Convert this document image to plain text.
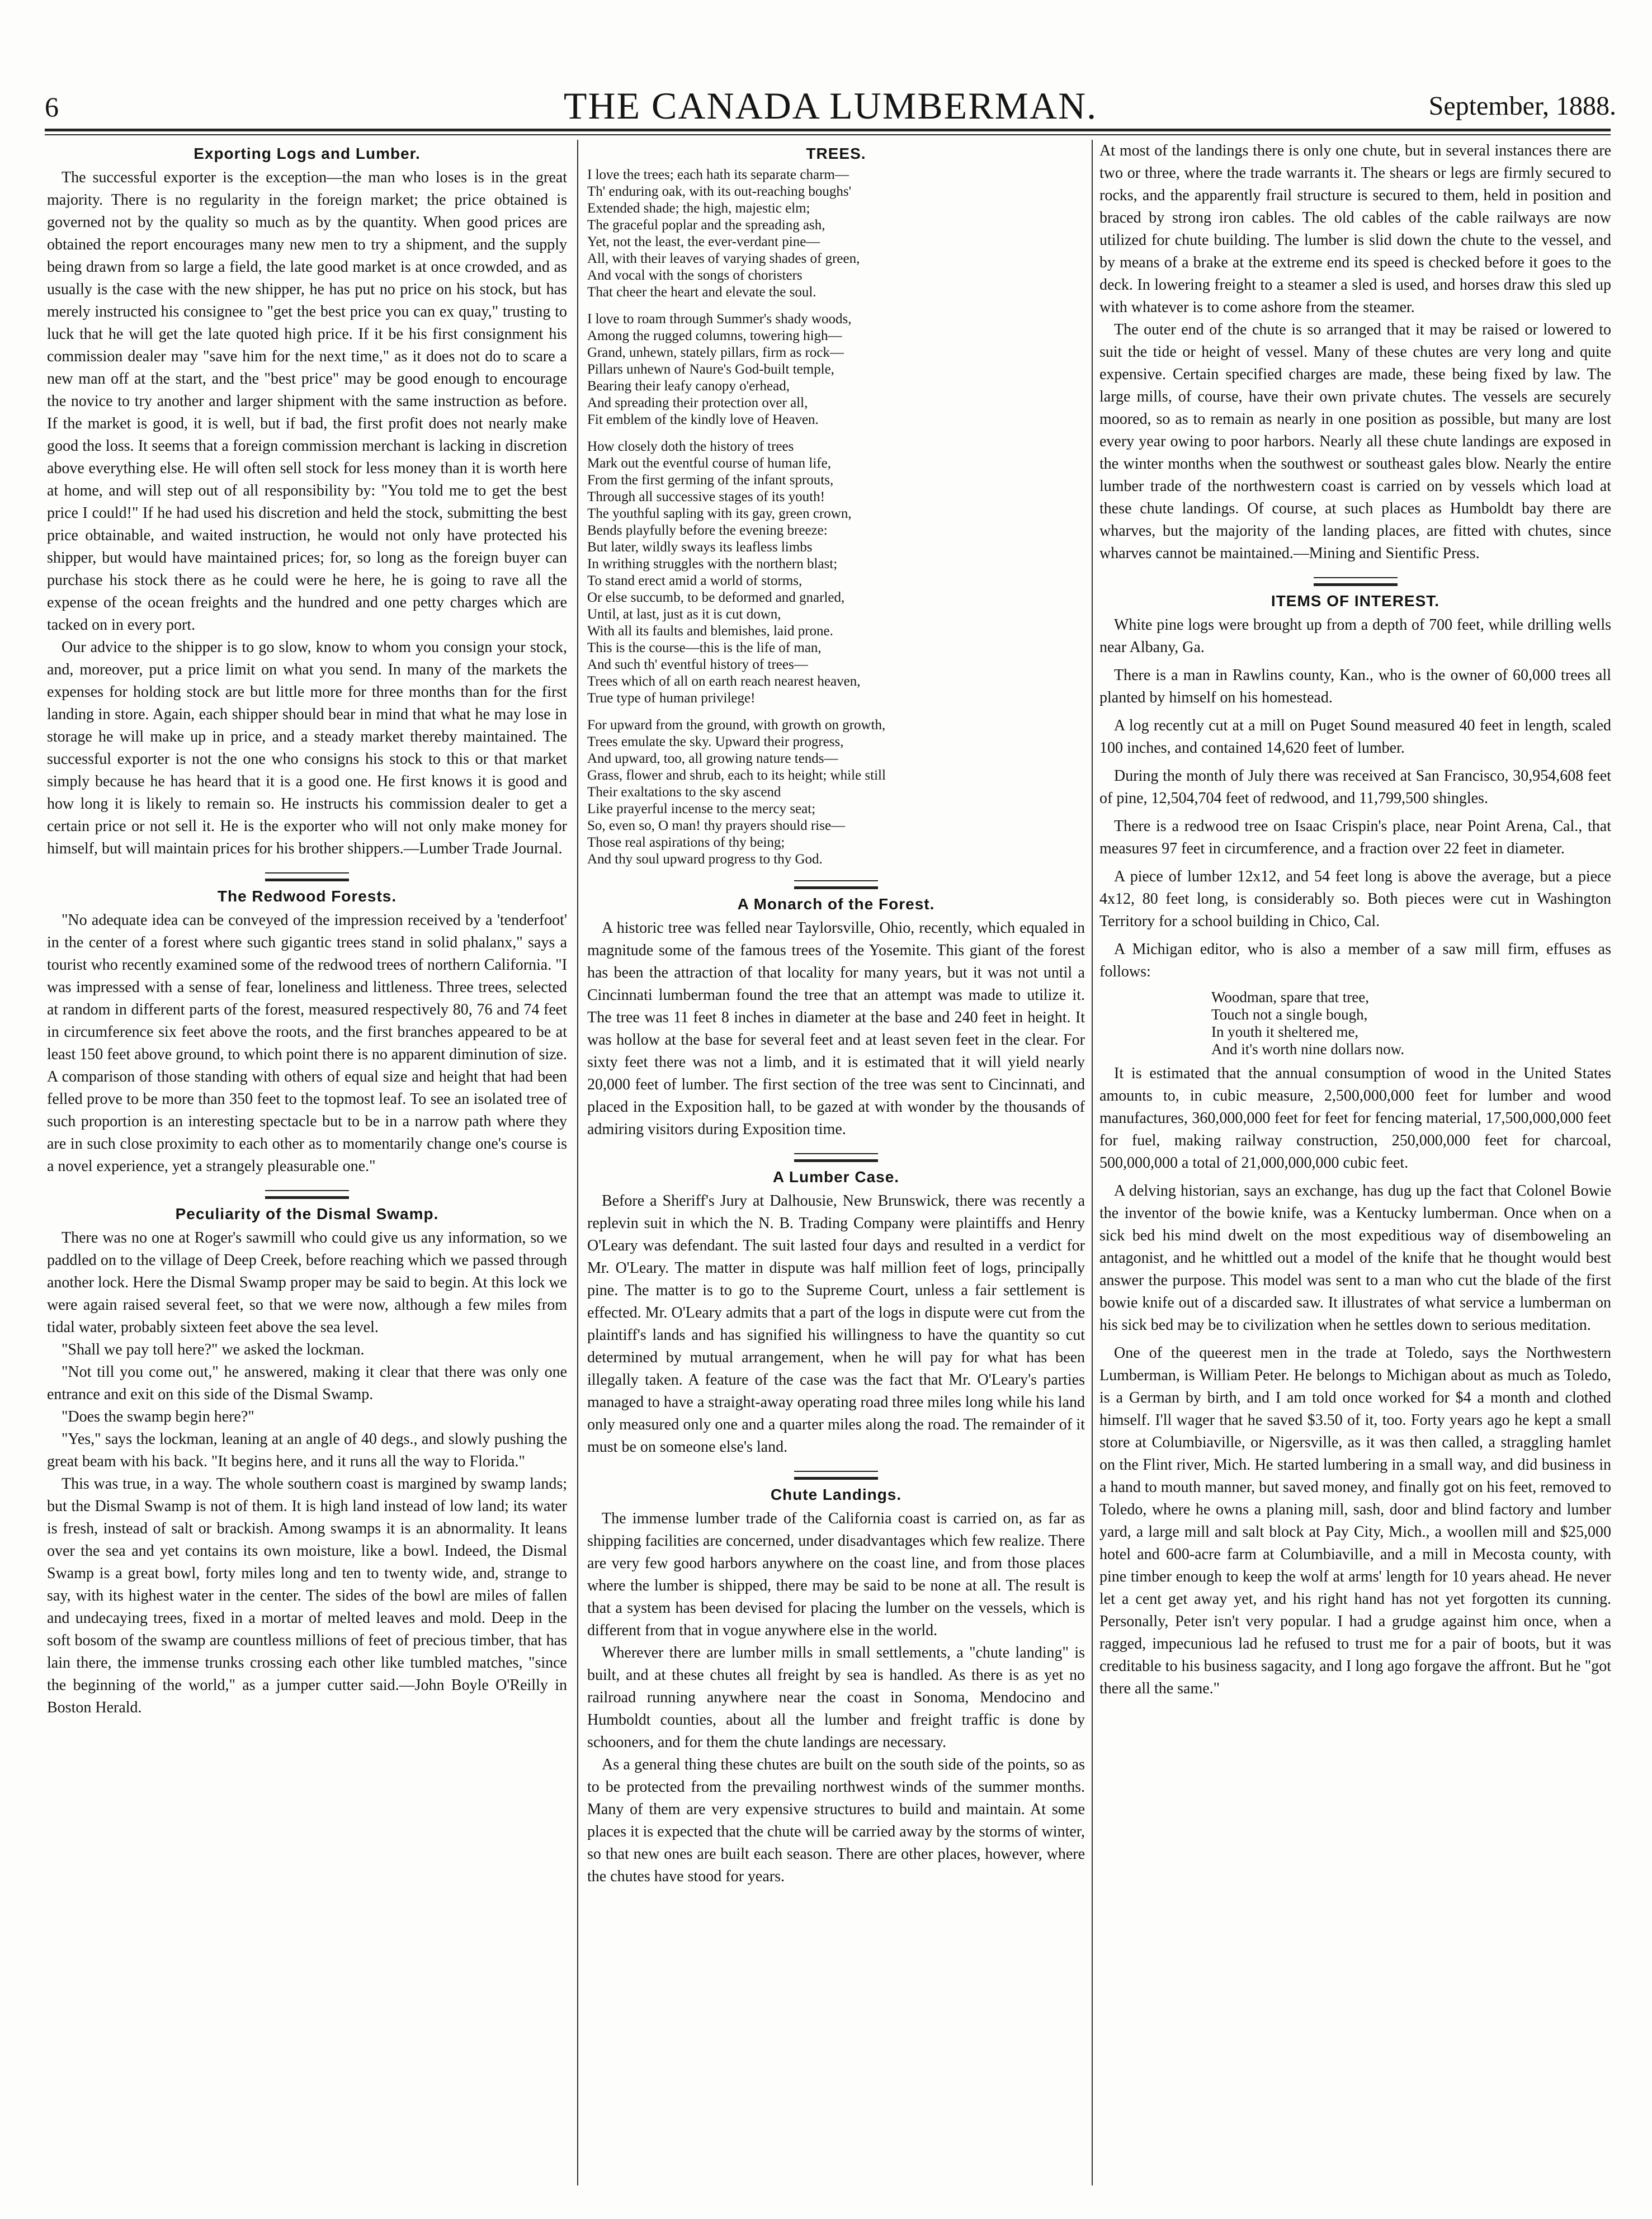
6	THE CANADA LUMBERMAN.	September, 1888.
Exporting Logs and Lumber.

The successful exporter is the exception—the man who loses is in the great majority. There is no regularity in the foreign market; the price obtained is governed not by the quality so much as by the quantity. When good prices are obtained the report encourages many new men to try a shipment, and the supply being drawn from so large a field, the late good market is at once crowded, and as usually is the case with the new shipper, he has put no price on his stock, but has merely instructed his consignee to "get the best price you can ex quay," trusting to luck that he will get the late quoted high price. If it be his first consignment his commission dealer may "save him for the next time," as it does not do to scare a new man off at the start, and the "best price" may be good enough to encourage the novice to try another and larger shipment with the same instruction as before. If the market is good, it is well, but if bad, the first profit does not nearly make good the loss. It seems that a foreign commission merchant is lacking in discretion above everything else. He will often sell stock for less money than it is worth here at home, and will step out of all responsibility by: "You told me to get the best price I could!" If he had used his discretion and held the stock, submitting the best price obtainable, and waited instruction, he would not only have protected his shipper, but would have maintained prices; for, so long as the foreign buyer can purchase his stock there as he could were he here, he is going to rave all the expense of the ocean freights and the hundred and one petty charges which are tacked on in every port.

Our advice to the shipper is to go slow, know to whom you consign your stock, and, moreover, put a price limit on what you send. In many of the markets the expenses for holding stock are but little more for three months than for the first landing in store. Again, each shipper should bear in mind that what he may lose in storage he will make up in price, and a steady market thereby maintained. The successful exporter is not the one who consigns his stock to this or that market simply because he has heard that it is a good one. He first knows it is good and how long it is likely to remain so. He instructs his commission dealer to get a certain price or not sell it. He is the exporter who will not only make money for himself, but will maintain prices for his brother shippers.—Lumber Trade Journal.

The Redwood Forests.

"No adequate idea can be conveyed of the impression received by a 'tenderfoot' in the center of a forest where such gigantic trees stand in solid phalanx," says a tourist who recently examined some of the redwood trees of northern California. "I was impressed with a sense of fear, loneliness and littleness. Three trees, selected at random in different parts of the forest, measured respectively 80, 76 and 74 feet in circumference six feet above the roots, and the first branches appeared to be at least 150 feet above ground, to which point there is no apparent diminution of size. A comparison of those standing with others of equal size and height that had been felled prove to be more than 350 feet to the topmost leaf. To see an isolated tree of such proportion is an interesting spectacle but to be in a narrow path where they are in such close proximity to each other as to momentarily change one's course is a novel experience, yet a strangely pleasurable one."

Peculiarity of the Dismal Swamp.

There was no one at Roger's sawmill who could give us any information, so we paddled on to the village of Deep Creek, before reaching which we passed through another lock. Here the Dismal Swamp proper may be said to begin. At this lock we were again raised several feet, so that we were now, although a few miles from tidal water, probably sixteen feet above the sea level.

"Shall we pay toll here?" we asked the lockman.

"Not till you come out," he answered, making it clear that there was only one entrance and exit on this side of the Dismal Swamp.

"Does the swamp begin here?"

"Yes," says the lockman, leaning at an angle of 40 degs., and slowly pushing the great beam with his back. "It begins here, and it runs all the way to Florida."

This was true, in a way. The whole southern coast is margined by swamp lands; but the Dismal Swamp is not of them. It is high land instead of low land; its water is fresh, instead of salt or brackish. Among swamps it is an abnormality. It leans over the sea and yet contains its own moisture, like a bowl. Indeed, the Dismal Swamp is a great bowl, forty miles long and ten to twenty wide, and, strange to say, with its highest water in the center. The sides of the bowl are miles of fallen and undecaying trees, fixed in a mortar of melted leaves and mold. Deep in the soft bosom of the swamp are countless millions of feet of precious timber, that has lain there, the immense trunks crossing each other like tumbled matches, "since the beginning of the world," as a jumper cutter said.—John Boyle O'Reilly in Boston Herald.

TREES.
I love the trees; each hath its separate charm—
Th' enduring oak, with its out-reaching boughs'
Extended shade; the high, majestic elm;
The graceful poplar and the spreading ash,
Yet, not the least, the ever-verdant pine—
All, with their leaves of varying shades of green,
And vocal with the songs of choristers
That cheer the heart and elevate the soul.
I love to roam through Summer's shady woods,
Among the rugged columns, towering high—
Grand, unhewn, stately pillars, firm as rock—
Pillars unhewn of Naure's God-built temple,
Bearing their leafy canopy o'erhead,
And spreading their protection over all,
Fit emblem of the kindly love of Heaven.
How closely doth the history of trees
Mark out the eventful course of human life,
From the first germing of the infant sprouts,
Through all successive stages of its youth!
The youthful sapling with its gay, green crown,
Bends playfully before the evening breeze:
But later, wildly sways its leafless limbs
In writhing struggles with the northern blast;
To stand erect amid a world of storms,
Or else succumb, to be deformed and gnarled,
Until, at last, just as it is cut down,
With all its faults and blemishes, laid prone.
This is the course—this is the life of man,
And such th' eventful history of trees—
Trees which of all on earth reach nearest heaven,
True type of human privilege!
For upward from the ground, with growth on growth,
Trees emulate the sky. Upward their progress,
And upward, too, all growing nature tends—
Grass, flower and shrub, each to its height; while still
Their exaltations to the sky ascend
Like prayerful incense to the mercy seat;
So, even so, O man! thy prayers should rise—
Those real aspirations of thy being;
And thy soul upward progress to thy God.
A Monarch of the Forest.

A historic tree was felled near Taylorsville, Ohio, recently, which equaled in magnitude some of the famous trees of the Yosemite. This giant of the forest has been the attraction of that locality for many years, but it was not until a Cincinnati lumberman found the tree that an attempt was made to utilize it. The tree was 11 feet 8 inches in diameter at the base and 240 feet in height. It was hollow at the base for several feet and at least seven feet in the clear. For sixty feet there was not a limb, and it is estimated that it will yield nearly 20,000 feet of lumber. The first section of the tree was sent to Cincinnati, and placed in the Exposition hall, to be gazed at with wonder by the thousands of admiring visitors during Exposition time.

A Lumber Case.

Before a Sheriff's Jury at Dalhousie, New Brunswick, there was recently a replevin suit in which the N. B. Trading Company were plaintiffs and Henry O'Leary was defendant. The suit lasted four days and resulted in a verdict for Mr. O'Leary. The matter in dispute was half million feet of logs, principally pine. The matter is to go to the Supreme Court, unless a fair settlement is effected. Mr. O'Leary admits that a part of the logs in dispute were cut from the plaintiff's lands and has signified his willingness to have the quantity so cut determined by mutual arrangement, when he will pay for what has been illegally taken. A feature of the case was the fact that Mr. O'Leary's parties managed to have a straight-away operating road three miles long while his land only measured only one and a quarter miles along the road. The remainder of it must be on someone else's land.

Chute Landings.

The immense lumber trade of the California coast is carried on, as far as shipping facilities are concerned, under disadvantages which few realize. There are very few good harbors anywhere on the coast line, and from those places where the lumber is shipped, there may be said to be none at all. The result is that a system has been devised for placing the lumber on the vessels, which is different from that in vogue anywhere else in the world.

Wherever there are lumber mills in small settlements, a "chute landing" is built, and at these chutes all freight by sea is handled. As there is as yet no railroad running anywhere near the coast in Sonoma, Mendocino and Humboldt counties, about all the lumber and freight traffic is done by schooners, and for them the chute landings are necessary.

As a general thing these chutes are built on the south side of the points, so as to be protected from the prevailing northwest winds of the summer months. Many of them are very expensive structures to build and maintain. At some places it is expected that the chute will be carried away by the storms of winter, so that new ones are built each season. There are other places, however, where the chutes have stood for years.

At most of the landings there is only one chute, but in several instances there are two or three, where the trade warrants it. The shears or legs are firmly secured to rocks, and the apparently frail structure is secured to them, held in position and braced by strong iron cables. The old cables of the cable railways are now utilized for chute building. The lumber is slid down the chute to the vessel, and by means of a brake at the extreme end its speed is checked before it goes to the deck. In lowering freight to a steamer a sled is used, and horses draw this sled up with whatever is to come ashore from the steamer.

The outer end of the chute is so arranged that it may be raised or lowered to suit the tide or height of vessel. Many of these chutes are very long and quite expensive. Certain specified charges are made, these being fixed by law. The large mills, of course, have their own private chutes. The vessels are securely moored, so as to remain as nearly in one position as possible, but many are lost every year owing to poor harbors. Nearly all these chute landings are exposed in the winter months when the southwest or southeast gales blow. Nearly the entire lumber trade of the northwestern coast is carried on by vessels which load at these chute landings. Of course, at such places as Humboldt bay there are wharves, but the majority of the landing places, are fitted with chutes, since wharves cannot be maintained.—Mining and Sientific Press.

ITEMS OF INTEREST.

White pine logs were brought up from a depth of 700 feet, while drilling wells near Albany, Ga.

There is a man in Rawlins county, Kan., who is the owner of 60,000 trees all planted by himself on his homestead.

A log recently cut at a mill on Puget Sound measured 40 feet in length, scaled 100 inches, and contained 14,620 feet of lumber.

During the month of July there was received at San Francisco, 30,954,608 feet of pine, 12,504,704 feet of redwood, and 11,799,500 shingles.

There is a redwood tree on Isaac Crispin's place, near Point Arena, Cal., that measures 97 feet in circumference, and a fraction over 22 feet in diameter.

A piece of lumber 12x12, and 54 feet long is above the average, but a piece 4x12, 80 feet long, is considerably so. Both pieces were cut in Washington Territory for a school building in Chico, Cal.

A Michigan editor, who is also a member of a saw mill firm, effuses as follows:

Woodman, spare that tree,
Touch not a single bough,
In youth it sheltered me,
And it's worth nine dollars now.

It is estimated that the annual consumption of wood in the United States amounts to, in cubic measure, 2,500,000,000 feet for lumber and wood manufactures, 360,000,000 feet for feet for fencing material, 17,500,000,000 feet for fuel, making railway construction, 250,000,000 feet for charcoal, 500,000,000 a total of 21,000,000,000 cubic feet.

A delving historian, says an exchange, has dug up the fact that Colonel Bowie the inventor of the bowie knife, was a Kentucky lumberman. Once when on a sick bed his mind dwelt on the most expeditious way of disemboweling an antagonist, and he whittled out a model of the knife that he thought would best answer the purpose. This model was sent to a man who cut the blade of the first bowie knife out of a discarded saw. It illustrates of what service a lumberman on his sick bed may be to civilization when he settles down to serious meditation.

One of the queerest men in the trade at Toledo, says the Northwestern Lumberman, is William Peter. He belongs to Michigan about as much as Toledo, is a German by birth, and I am told once worked for $4 a month and clothed himself. I'll wager that he saved $3.50 of it, too. Forty years ago he kept a small store at Columbiaville, or Nigersville, as it was then called, a straggling hamlet on the Flint river, Mich. He started lumbering in a small way, and did business in a hand to mouth manner, but saved money, and finally got on his feet, removed to Toledo, where he owns a planing mill, sash, door and blind factory and lumber yard, a large mill and salt block at Pay City, Mich., a woollen mill and $25,000 hotel and 600-acre farm at Columbiaville, and a mill in Mecosta county, with pine timber enough to keep the wolf at arms' length for 10 years ahead. He never let a cent get away yet, and his right hand has not yet forgotten its cunning. Personally, Peter isn't very popular. I had a grudge against him once, when a ragged, impecunious lad he refused to trust me for a pair of boots, but it was creditable to his business sagacity, and I long ago forgave the affront. But he "got there all the same."
